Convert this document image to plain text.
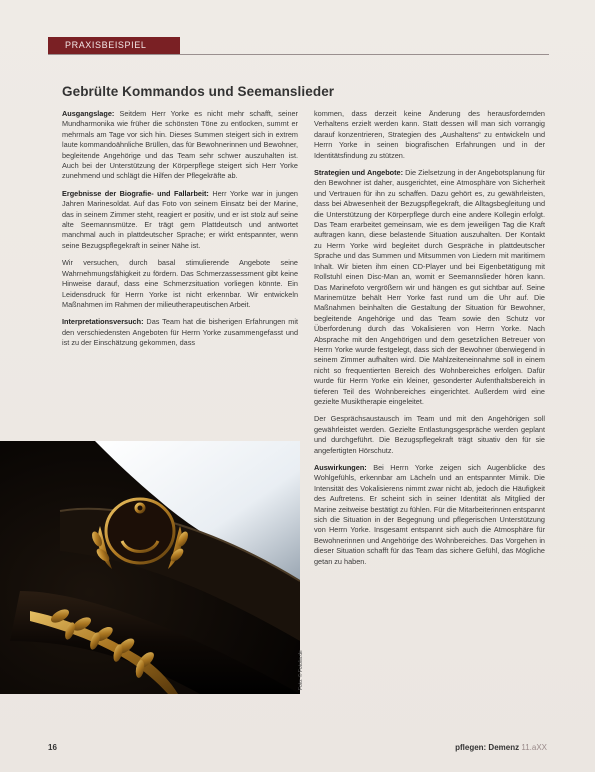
PRAXISBEISPIEL
Gebrülte Kommandos und Seemanslieder

Ausgangslage: Seitdem Herr Yorke es nicht mehr schafft, seiner Mundharmonika wie früher die schönsten Töne zu entlocken, summt er mehrmals am Tage vor sich hin. Dieses Summen steigert sich in extrem laute kommandoähnliche Brüllen, das für Bewohnerinnen und Bewohner, begleitende Angehörige und das Team sehr schwer auszuhalten ist. Auch bei der Unterstützung der Körperpflege steigert sich Herr Yorke zunehmend und schlägt die Hilfen der Pflegekräfte ab.

Ergebnisse der Biografie- und Fallarbeit: Herr Yorke war in jungen Jahren Marinesoldat. Auf das Foto von seinem Einsatz bei der Marine, das in seinem Zimmer steht, reagiert er positiv, und er ist stolz auf seine alte Seemannsmütze. Er trägt gern Plattdeutsch und antwortet manchmal auch in plattdeutscher Sprache; er wirkt entspannter, wenn seine Bezugspflegekraft in seiner Nähe ist.

Wir versuchen, durch basal stimulierende Angebote seine Wahrnehmungsfähigkeit zu fördern. Das Schmerzassessment gibt keine Hinweise darauf, dass eine Schmerzsituation vorliegen könnte. Ein Leidensdruck für Herrn Yorke ist nicht erkennbar. Wir entwickeln Maßnahmen im Rahmen der milieutherapeutischen Arbeit.

Interpretationsversuch: Das Team hat die bisherigen Erfahrungen mit den verschiedensten Angeboten für Herrn Yorke zusammengefasst und ist zu der Einschätzung gekommen, dass

kommen, dass derzeit keine Änderung des herausfordernden Verhaltens erzielt werden kann. Statt dessen will man sich vorrangig darauf konzentrieren, Strategien des „Aushaltens“ zu entwickeln und Herrn Yorke in seinen biografischen Erfahrungen und in der Identitätsfindung zu stützen.

Strategien und Angebote: Die Zielsetzung in der Angebotsplanung für den Bewohner ist daher, ausgerichtet, eine Atmosphäre von Sicherheit und Vertrauen für ihn zu schaffen. Dazu gehört es, zu gewährleisten, dass bei Abwesenheit der Bezugspflegekraft, die Alltagsbegleitung und die Unterstützung der Körperpflege durch eine andere Kollegin erfolgt. Das Team erarbeitet gemeinsam, wie es dem jeweiligen Tag die Kraft auftragen kann, diese belastende Situation auszuhalten. Der Kontakt zu Herrn Yorke wird begleitet durch Gespräche in plattdeutscher Sprache und das Summen und Mitsummen von Liedern mit maritimem Inhalt. Wir bieten ihm einen CD-Player und bei Eigenbetätigung mit Rollstuhl einen Disc-Man an, womit er Seemannslieder hören kann. Das Marinefoto vergrößern wir und hängen es gut sichtbar auf. Seine Marinemütze behält Herr Yorke fast rund um die Uhr auf. Die Maßnahmen beinhalten die Gestaltung der Situation für Bewohner, begleitende Angehörige und das Team sowie den Schutz vor Überforderung durch das Vokalisieren von Herrn Yorke. Nach Absprache mit den Angehörigen und dem gesetzlichen Betreuer von Herrn Yorke wurde festgelegt, dass sich der Bewohner überwiegend in seinem Zimmer aufhalten wird. Die Mahlzeiteneinnahme soll in einem nicht so frequentierten Bereich des Wohnbereiches erfolgen. Dafür wurde für Herrn Yorke ein kleiner, gesonderter Aufenthaltsbereich in tieferen Teil des Wohnbereiches eingerichtet. Außerdem wird eine gezielte Musiktherapie eingeleitet.

Der Gesprächsaustausch im Team und mit den Angehörigen soll gewährleistet werden. Gezielte Entlastungsgespräche werden geplant und durchgeführt. Die Bezugspflegekraft trägt situativ den für sie angefertigten Hörschutz.

Auswirkungen: Bei Herrn Yorke zeigen sich Augenblicke des Wohlgefühls, erkennbar am Lächeln und an entspannter Mimik. Die Intensität des Vokalisierens nimmt zwar nicht ab, jedoch die Häufigkeit des Auftretens. Er scheint sich in seiner Identität als Mitglied der Marine zeitweise bestätigt zu fühlen. Für die Mitarbeiterinnen entspannt sich die Situation in der Begegnung und pflegerischen Unterstützung von Herrn Yorke. Insgesamt entspannt sich auch die Atmosphäre für Bewohnerinnen und Angehörige des Wohnbereiches. Das Vorgehen in dieser Situation schafft für das Team das sichere Gefühl, das Mögliche getan zu haben.

Foto: © Fotolia.de
16	pflegen: Demenz 11.aXX
